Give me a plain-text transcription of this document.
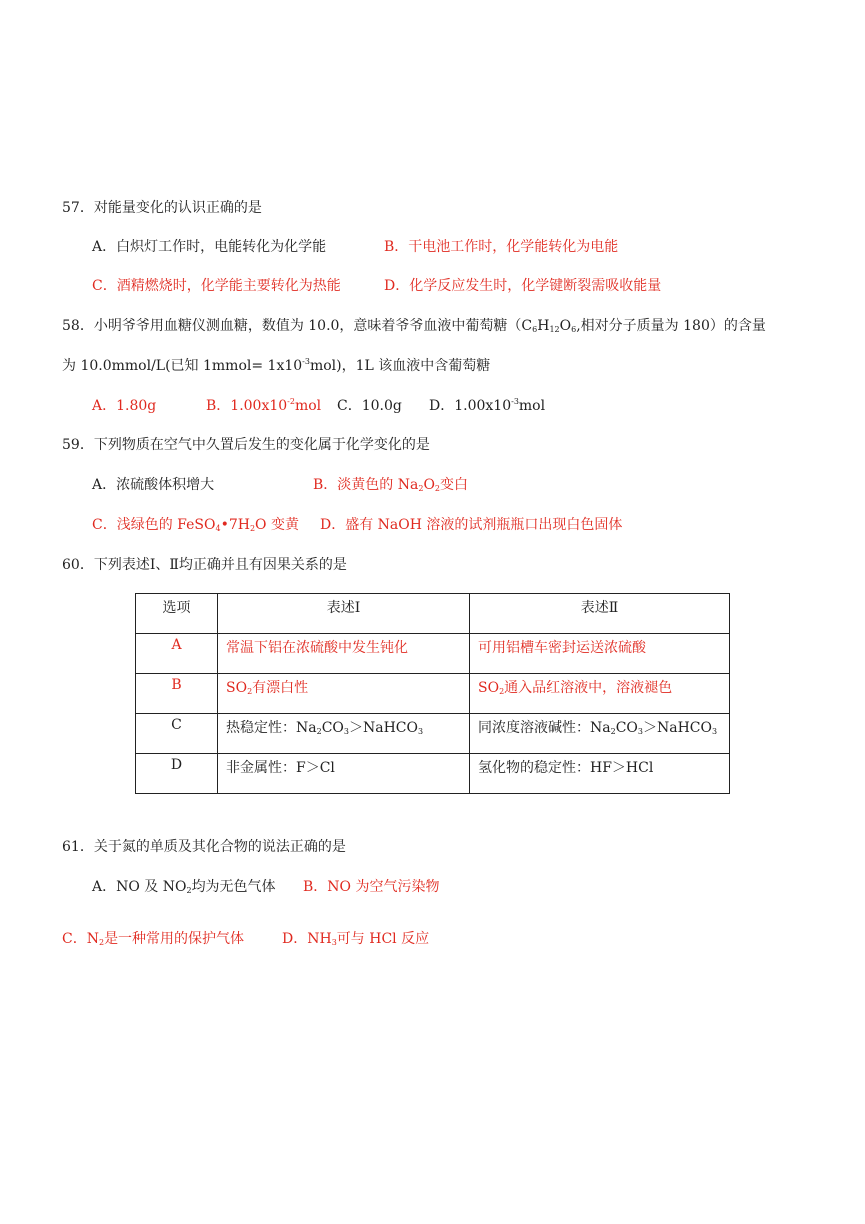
57．对能量变化的认识正确的是
A．白炽灯工作时，电能转化为化学能	B．干电池工作时，化学能转化为电能
C．酒精燃烧时，化学能主要转化为热能	D．化学反应发生时，化学键断裂需吸收能量
58．小明爷爷用血糖仪测血糖，数值为 10.0，意味着爷爷血液中葡萄糖（$C_6H_{12}O_6$,相对分子质量为 180）的含量
为 10.0mmol/L(已知 1mmol= $1x10^{-3}mol$)，1L 该血液中含葡萄糖
A．1.80g	B．$1.00x10^{-2}mol$ C．10.0g D．$1.00x10^{-3}mol$
59．下列物质在空气中久置后发生的变化属于化学变化的是
A．浓硫酸体积增大	B．淡黄色的 $Na_2O_2$变白
C．浅绿色的 $FeSO_4•7H_2O$ 变黄 D．盛有 NaOH 溶液的试剂瓶瓶口出现白色固体
60．下列表述Ⅰ、Ⅱ均正确并且有因果关系的是
选项	表述Ⅰ	表述Ⅱ
A	常温下铝在浓硫酸中发生钝化	可用铝槽车密封运送浓硫酸
B	$SO_2$有漂白性	$SO_2$通入品红溶液中，溶液褪色
C	热稳定性：$Na_2CO_3>NaHCO_3$	同浓度溶液碱性：$Na_2CO_3>NaHCO_3$
D	非金属性：F＞Cl	氢化物的稳定性：HF＞HCl
61．关于氮的单质及其化合物的说法正确的是
A．NO 及 $NO_2$均为无色气体 B．NO 为空气污染物
C．$N_2$是一种常用的保护气体	D．$NH_3$可与 HCl 反应
